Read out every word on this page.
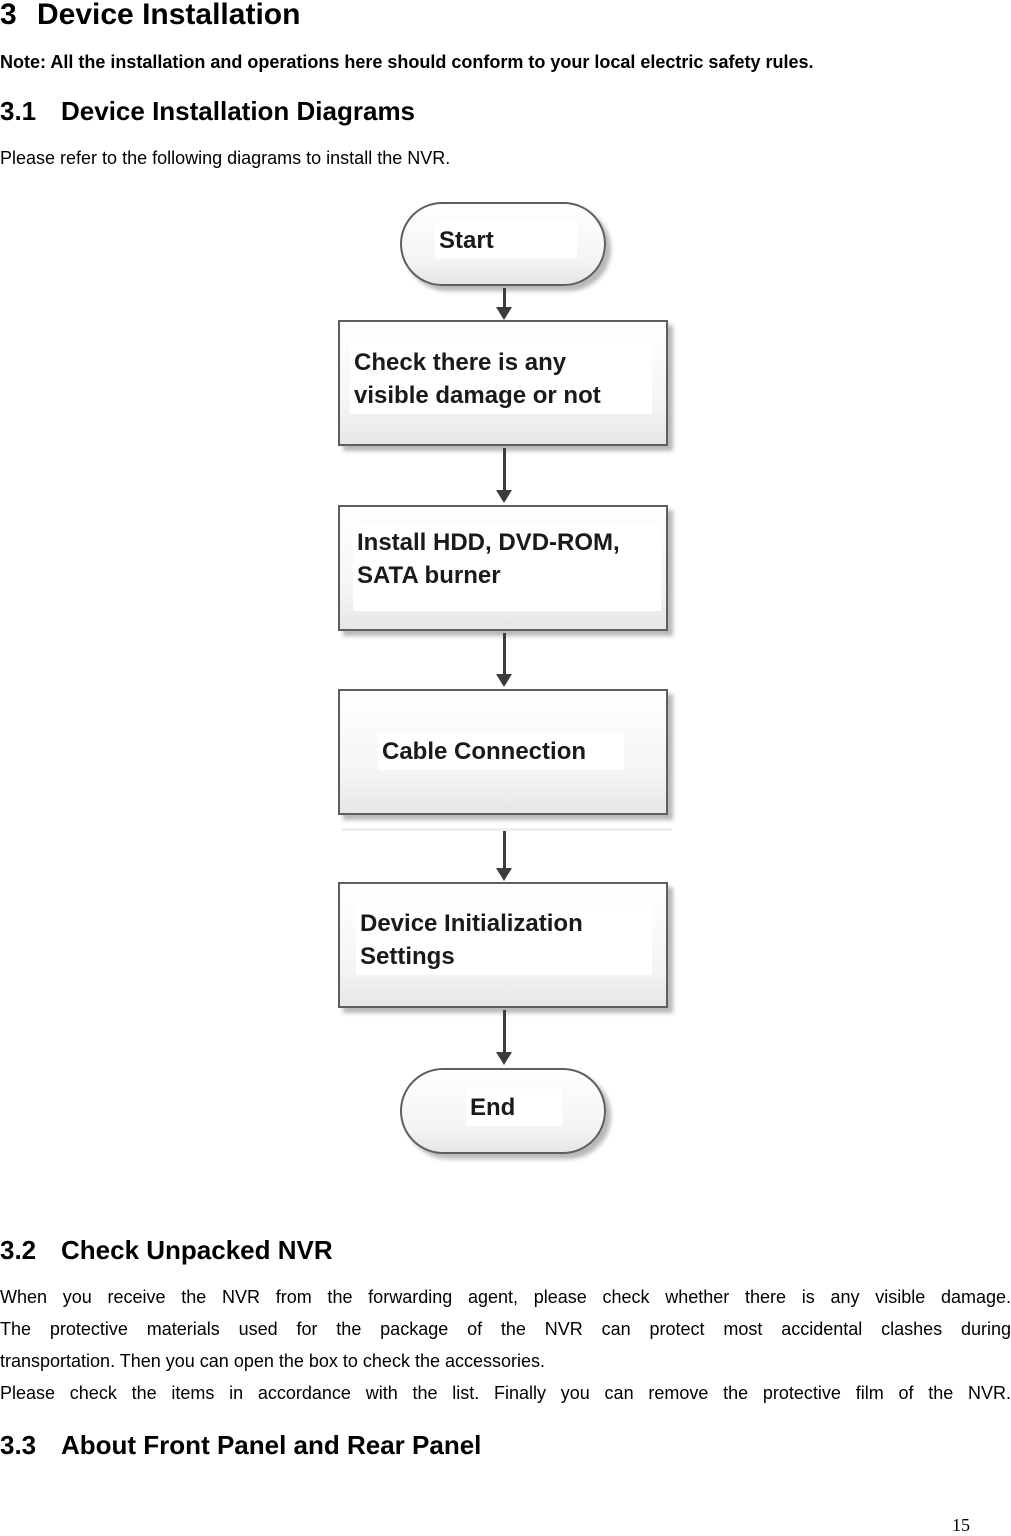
3 Device Installation
Note: All the installation and operations here should conform to your local electric safety rules.
3.1 Device Installation Diagrams
Please refer to the following diagrams to install the NVR.
Start
Check there is any
visible damage or not
Install HDD, DVD-ROM,
SATA burner
Cable Connection
Device Initialization
Settings
End
3.2 Check Unpacked NVR
When you receive the NVR from the forwarding agent, please check whether there is any visible damage.
The protective materials used for the package of the NVR can protect most accidental clashes during
transportation. Then you can open the box to check the accessories.
Please check the items in accordance with the list. Finally you can remove the protective film of the NVR.
3.3 About Front Panel and Rear Panel
15
